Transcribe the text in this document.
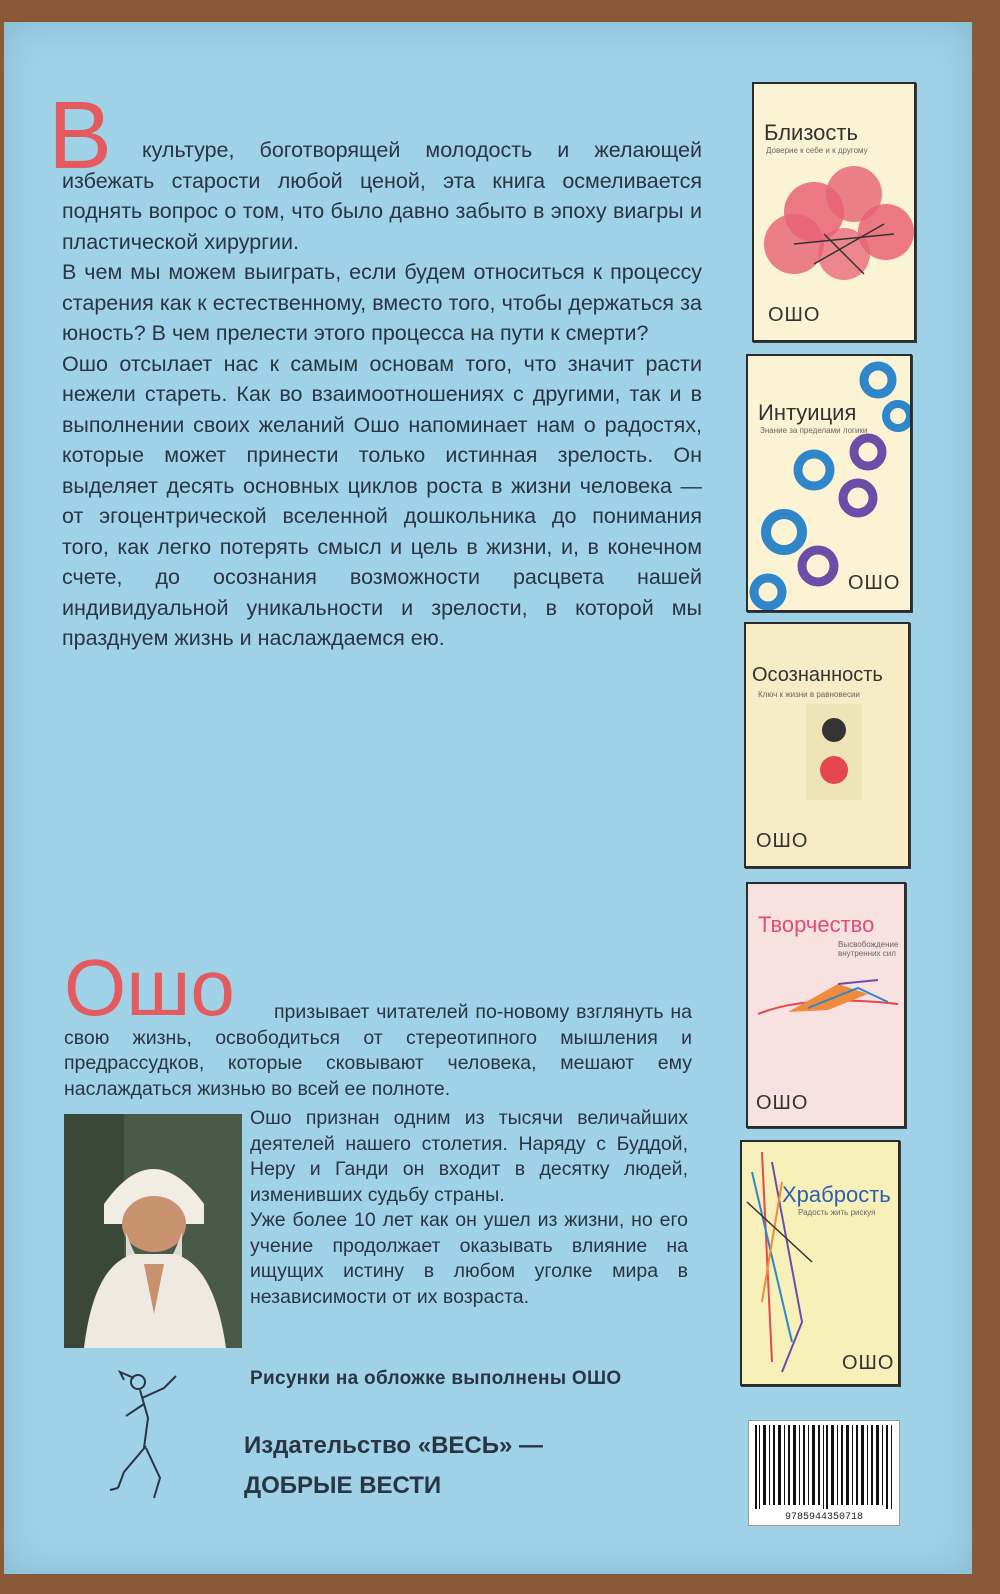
В	культуре, боготворящей молодость и желающей избежать старости любой ценой, эта книга осмеливается поднять вопрос о том, что было давно забыто в эпоху виагры и пластической хирургии.

В чем мы можем выиграть, если будем относиться к процессу старения как к естественному, вместо того, чтобы держаться за юность? В чем прелести этого процесса на пути к смерти?

Ошо отсылает нас к самым основам того, что значит расти нежели стареть. Как во взаимоотношениях с другими, так и в выполнении своих желаний Ошо напоминает нам о радостях, которые может принести только истинная зрелость. Он выделяет десять основных циклов роста в жизни человека — от эгоцентрической вселенной дошкольника до понимания того, как легко потерять смысл и цель в жизни, и, в конечном счете, до осознания возможности расцвета нашей индивидуальной уникальности и зрелости, в которой мы празднуем жизнь и наслаждаемся ею.

Ошо	призывает читателей по-новому взглянуть на свою жизнь, освободиться от стереотипного мышления и предрассудков, которые сковывают человека, мешают ему наслаждаться жизнью во всей ее полноте.

Ошо признан одним из тысячи величайших деятелей нашего столетия. Наряду с Буддой, Неру и Ганди он входит в десятку людей, изменивших судьбу страны.

Уже более 10 лет как он ушел из жизни, но его учение продолжает оказывать влияние на ищущих истину в любом уголке мира в независимости от их возраста.

Рисунки на обложке выполнены ОШО
Издательство «ВЕСЬ» —
ДОБРЫЕ ВЕСТИ
Близость
Доверие к себе и к другому
ОШО
Интуиция
Знание за пределами логики
ОШО
Осознанность
Ключ к жизни в равновесии
ОШО
Творчество
Высвобождение внутренних сил
ОШО
Храбрость
Радость жить рискуя
ОШО
9785944350718
